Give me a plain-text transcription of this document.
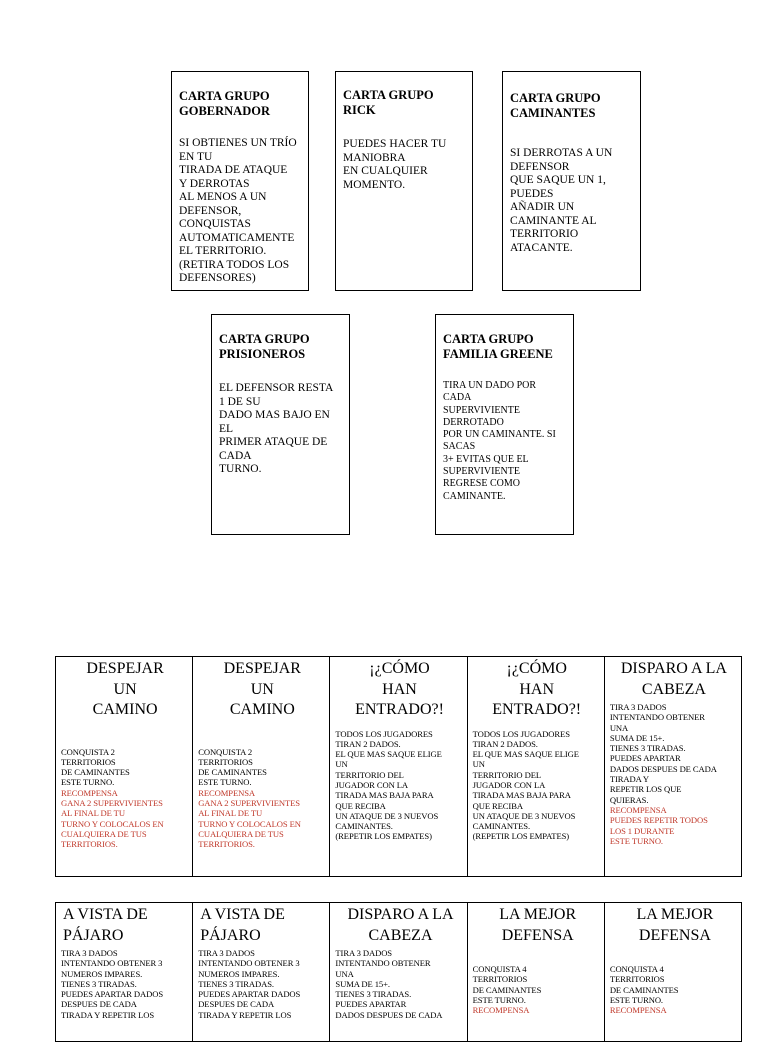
CARTA GRUPO
GOBERNADOR
SI OBTIENES UN TRÍO
EN TU
TIRADA DE ATAQUE
Y DERROTAS
AL MENOS A UN
DEFENSOR,
CONQUISTAS
AUTOMATICAMENTE
EL TERRITORIO.
(RETIRA TODOS LOS
DEFENSORES)
CARTA GRUPO
RICK
PUEDES HACER TU
MANIOBRA
EN CUALQUIER
MOMENTO.
CARTA GRUPO
CAMINANTES
SI DERROTAS A UN
DEFENSOR
QUE SAQUE UN 1,
PUEDES
AÑADIR UN
CAMINANTE AL
TERRITORIO
ATACANTE.
CARTA GRUPO
PRISIONEROS
EL DEFENSOR RESTA
1 DE SU
DADO MAS BAJO EN
EL
PRIMER ATAQUE DE
CADA
TURNO.
CARTA GRUPO
FAMILIA GREENE
TIRA UN DADO POR
CADA
SUPERVIVIENTE
DERROTADO
POR UN CAMINANTE. SI
SACAS
3+ EVITAS QUE EL
SUPERVIVIENTE
REGRESE COMO
CAMINANTE.
DESPEJAR
UN
CAMINO
CONQUISTA 2
TERRITORIOS
DE CAMINANTES
ESTE TURNO.
RECOMPENSA
GANA 2 SUPERVIVIENTES
AL FINAL DE TU
TURNO Y COLOCALOS EN
CUALQUIERA DE TUS
TERRITORIOS.
DESPEJAR
UN
CAMINO
CONQUISTA 2
TERRITORIOS
DE CAMINANTES
ESTE TURNO.
RECOMPENSA
GANA 2 SUPERVIVIENTES
AL FINAL DE TU
TURNO Y COLOCALOS EN
CUALQUIERA DE TUS
TERRITORIOS.
¡¿CÓMO
HAN
ENTRADO?!
TODOS LOS JUGADORES
TIRAN 2 DADOS.
EL QUE MAS SAQUE ELIGE
UN
TERRITORIO DEL
JUGADOR CON LA
TIRADA MAS BAJA PARA
QUE RECIBA
UN ATAQUE DE 3 NUEVOS
CAMINANTES.
(REPETIR LOS EMPATES)
¡¿CÓMO
HAN
ENTRADO?!
TODOS LOS JUGADORES
TIRAN 2 DADOS.
EL QUE MAS SAQUE ELIGE
UN
TERRITORIO DEL
JUGADOR CON LA
TIRADA MAS BAJA PARA
QUE RECIBA
UN ATAQUE DE 3 NUEVOS
CAMINANTES.
(REPETIR LOS EMPATES)
DISPARO A LA
CABEZA
TIRA 3 DADOS
INTENTANDO OBTENER
UNA
SUMA DE 15+.
TIENES 3 TIRADAS.
PUEDES APARTAR
DADOS DESPUES DE CADA
TIRADA Y
REPETIR LOS QUE
QUIERAS.
RECOMPENSA
PUEDES REPETIR TODOS
LOS 1 DURANTE
ESTE TURNO.
A VISTA DE
PÁJARO
TIRA 3 DADOS
INTENTANDO OBTENER 3
NUMEROS IMPARES.
TIENES 3 TIRADAS.
PUEDES APARTAR DADOS
DESPUES DE CADA
TIRADA Y REPETIR LOS
A VISTA DE
PÁJARO
TIRA 3 DADOS
INTENTANDO OBTENER 3
NUMEROS IMPARES.
TIENES 3 TIRADAS.
PUEDES APARTAR DADOS
DESPUES DE CADA
TIRADA Y REPETIR LOS
DISPARO A LA
CABEZA
TIRA 3 DADOS
INTENTANDO OBTENER
UNA
SUMA DE 15+.
TIENES 3 TIRADAS.
PUEDES APARTAR
DADOS DESPUES DE CADA
LA MEJOR
DEFENSA
CONQUISTA 4
TERRITORIOS
DE CAMINANTES
ESTE TURNO.
RECOMPENSA
LA MEJOR
DEFENSA
CONQUISTA 4
TERRITORIOS
DE CAMINANTES
ESTE TURNO.
RECOMPENSA
